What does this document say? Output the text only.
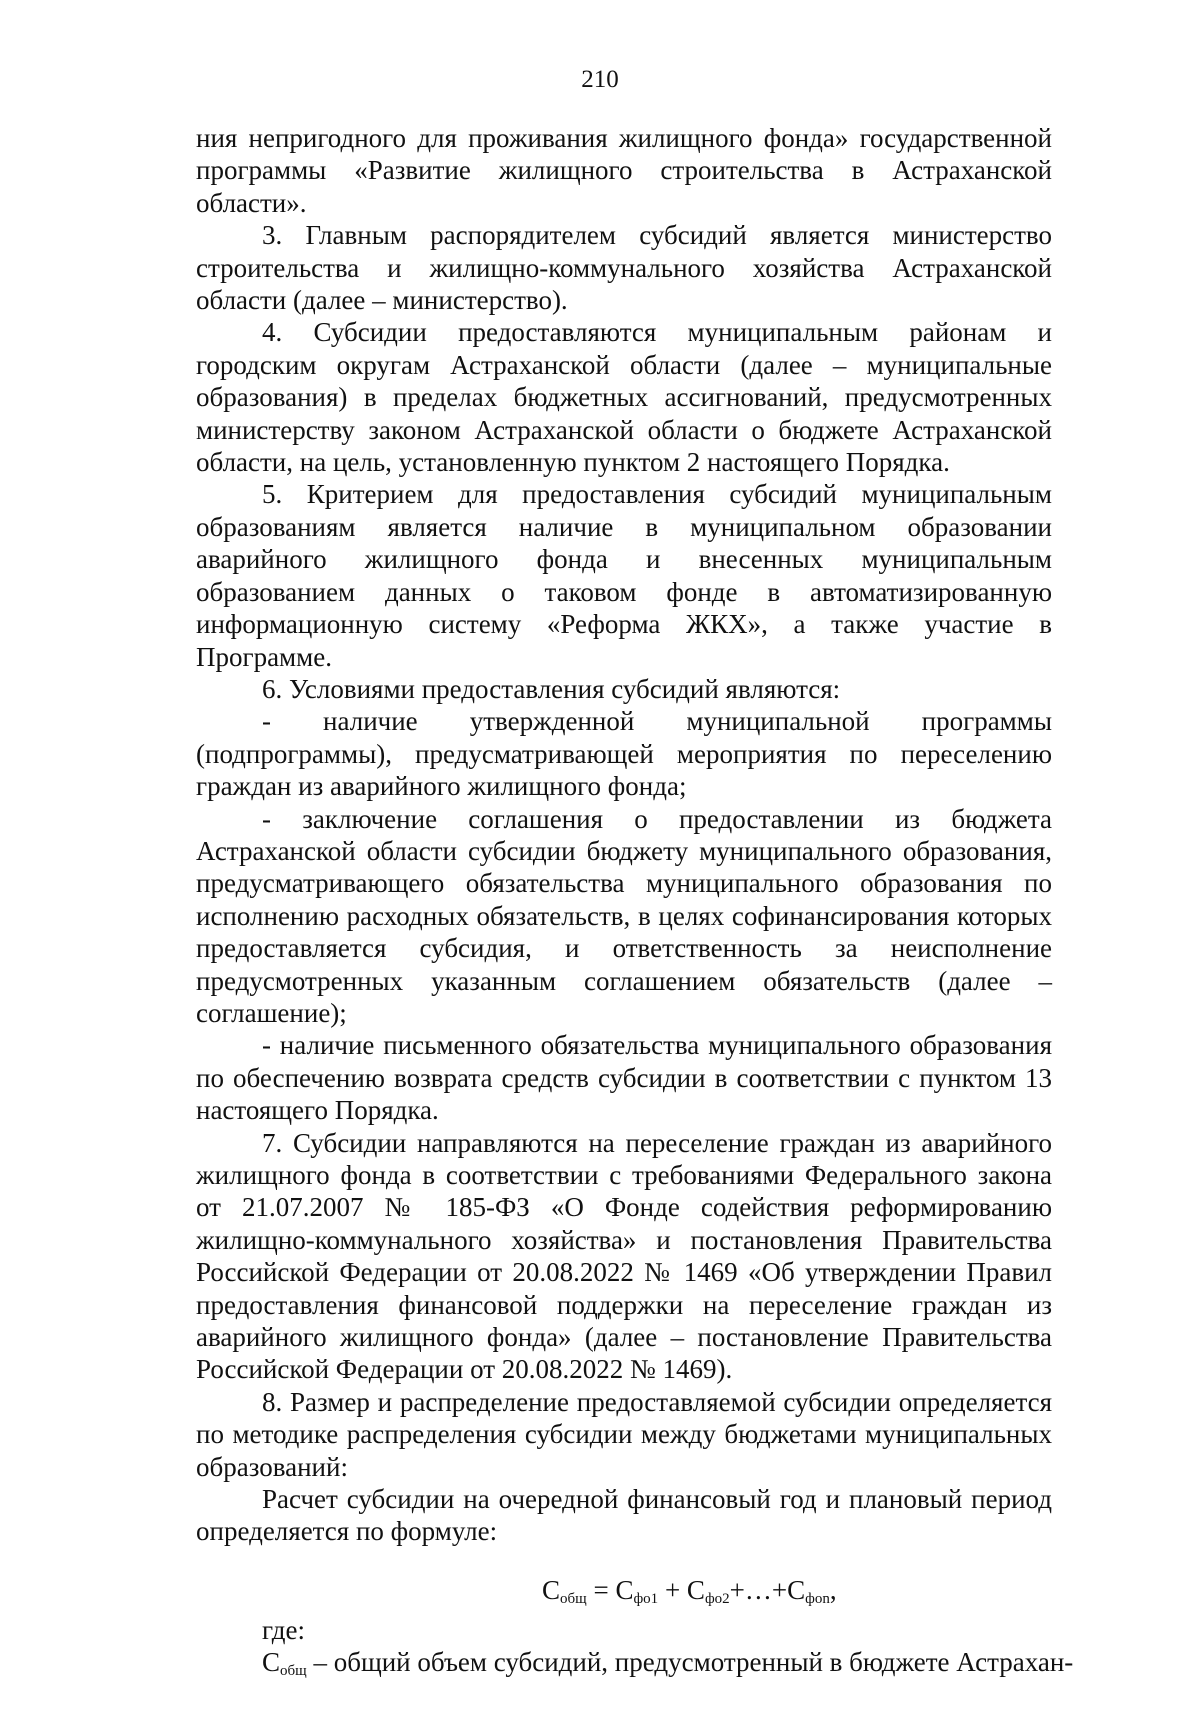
210

ния непригодного для проживания жилищного фонда» государственной программы «Развитие жилищного строительства в Астраханской области».

3. Главным распорядителем субсидий является министерство строительства и жилищно-коммунального хозяйства Астраханской области (далее – министерство).

4. Субсидии предоставляются муниципальным районам и городским округам Астраханской области (далее – муниципальные образования) в пределах бюджетных ассигнований, предусмотренных министерству законом Астраханской области о бюджете Астраханской области, на цель, установленную пунктом 2 настоящего Порядка.

5. Критерием для предоставления субсидий муниципальным образованиям является наличие в муниципальном образовании аварийного жилищного фонда и внесенных муниципальным образованием данных о таковом фонде в автоматизированную информационную систему «Реформа ЖКХ», а также участие в Программе.

6. Условиями предоставления субсидий являются:

- наличие утвержденной муниципальной программы (подпрограммы), предусматривающей мероприятия по переселению граждан из аварийного жилищного фонда;

- заключение соглашения о предоставлении из бюджета Астраханской области субсидии бюджету муниципального образования, предусматривающего обязательства муниципального образования по исполнению расходных обязательств, в целях софинансирования которых предоставляется субсидия, и ответственность за неисполнение предусмотренных указанным соглашением обязательств (далее – соглашение);

- наличие письменного обязательства муниципального образования по обеспечению возврата средств субсидии в соответствии с пунктом 13 настоящего Порядка.

7. Субсидии направляются на переселение граждан из аварийного жилищного фонда в соответствии с требованиями Федерального закона от 21.07.2007 № 185-ФЗ «О Фонде содействия реформированию жилищно-коммунального хозяйства» и постановления Правительства Российской Федерации от 20.08.2022 № 1469 «Об утверждении Правил предоставления финансовой поддержки на переселение граждан из аварийного жилищного фонда» (далее – постановление Правительства Российской Федерации от 20.08.2022 № 1469).

8. Размер и распределение предоставляемой субсидии определяется по методике распределения субсидии между бюджетами муниципальных образований:

Расчет субсидии на очередной финансовый год и плановый период определяется по формуле:

$С_{общ} = С_{фо1}$ + $С_{фо2}+\dots+С_{фоn}$,

где:

$С_{общ}$ – общий объем субсидий, предусмотренный в бюджете Астрахан-
